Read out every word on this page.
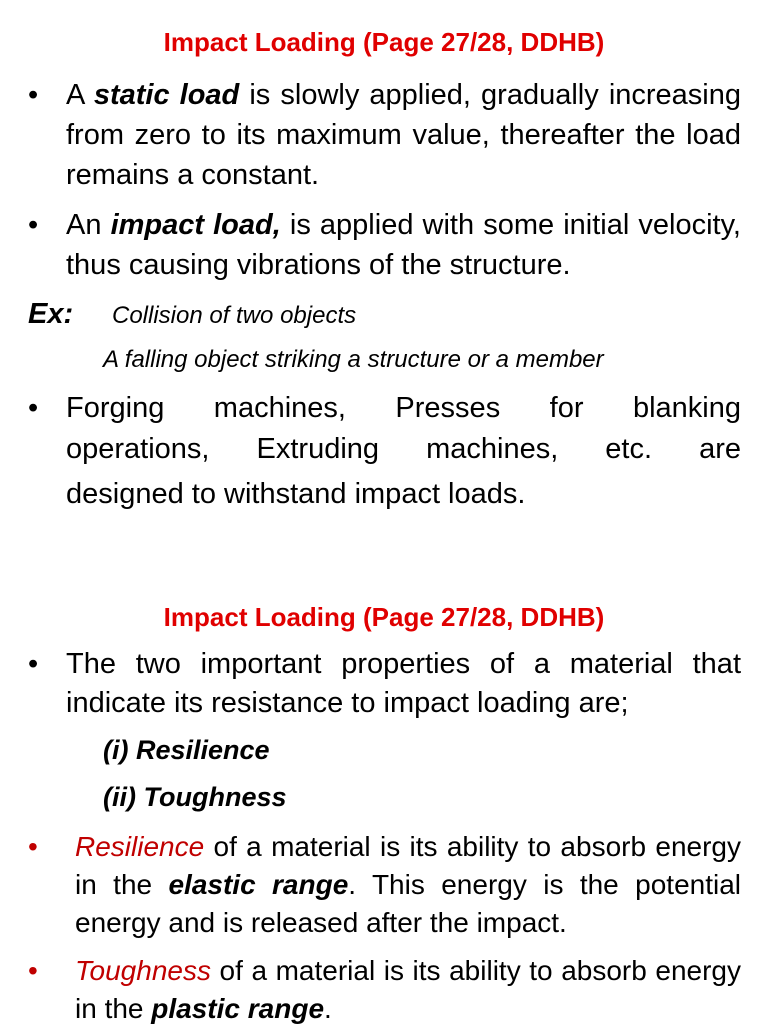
Impact Loading (Page 27/28, DDHB)
• A static load is slowly applied, gradually increasing from zero to its maximum value, thereafter the load remains a constant.
• An impact load, is applied with some initial velocity, thus causing vibrations of the structure.
Ex: Collision of two objects
A falling object striking a structure or a member
• Forging machines, Presses for blanking
operations, Extruding machines, etc. are
designed to withstand impact loads.
Impact Loading (Page 27/28, DDHB)
• The two important properties of a material that indicate its resistance to impact loading are;
(i) Resilience
(ii) Toughness
•	Resilience of a material is its ability to absorb energy in the elastic range. This energy is the potential energy and is released after the impact.
•	Toughness of a material is its ability to absorb energy in the plastic range.
